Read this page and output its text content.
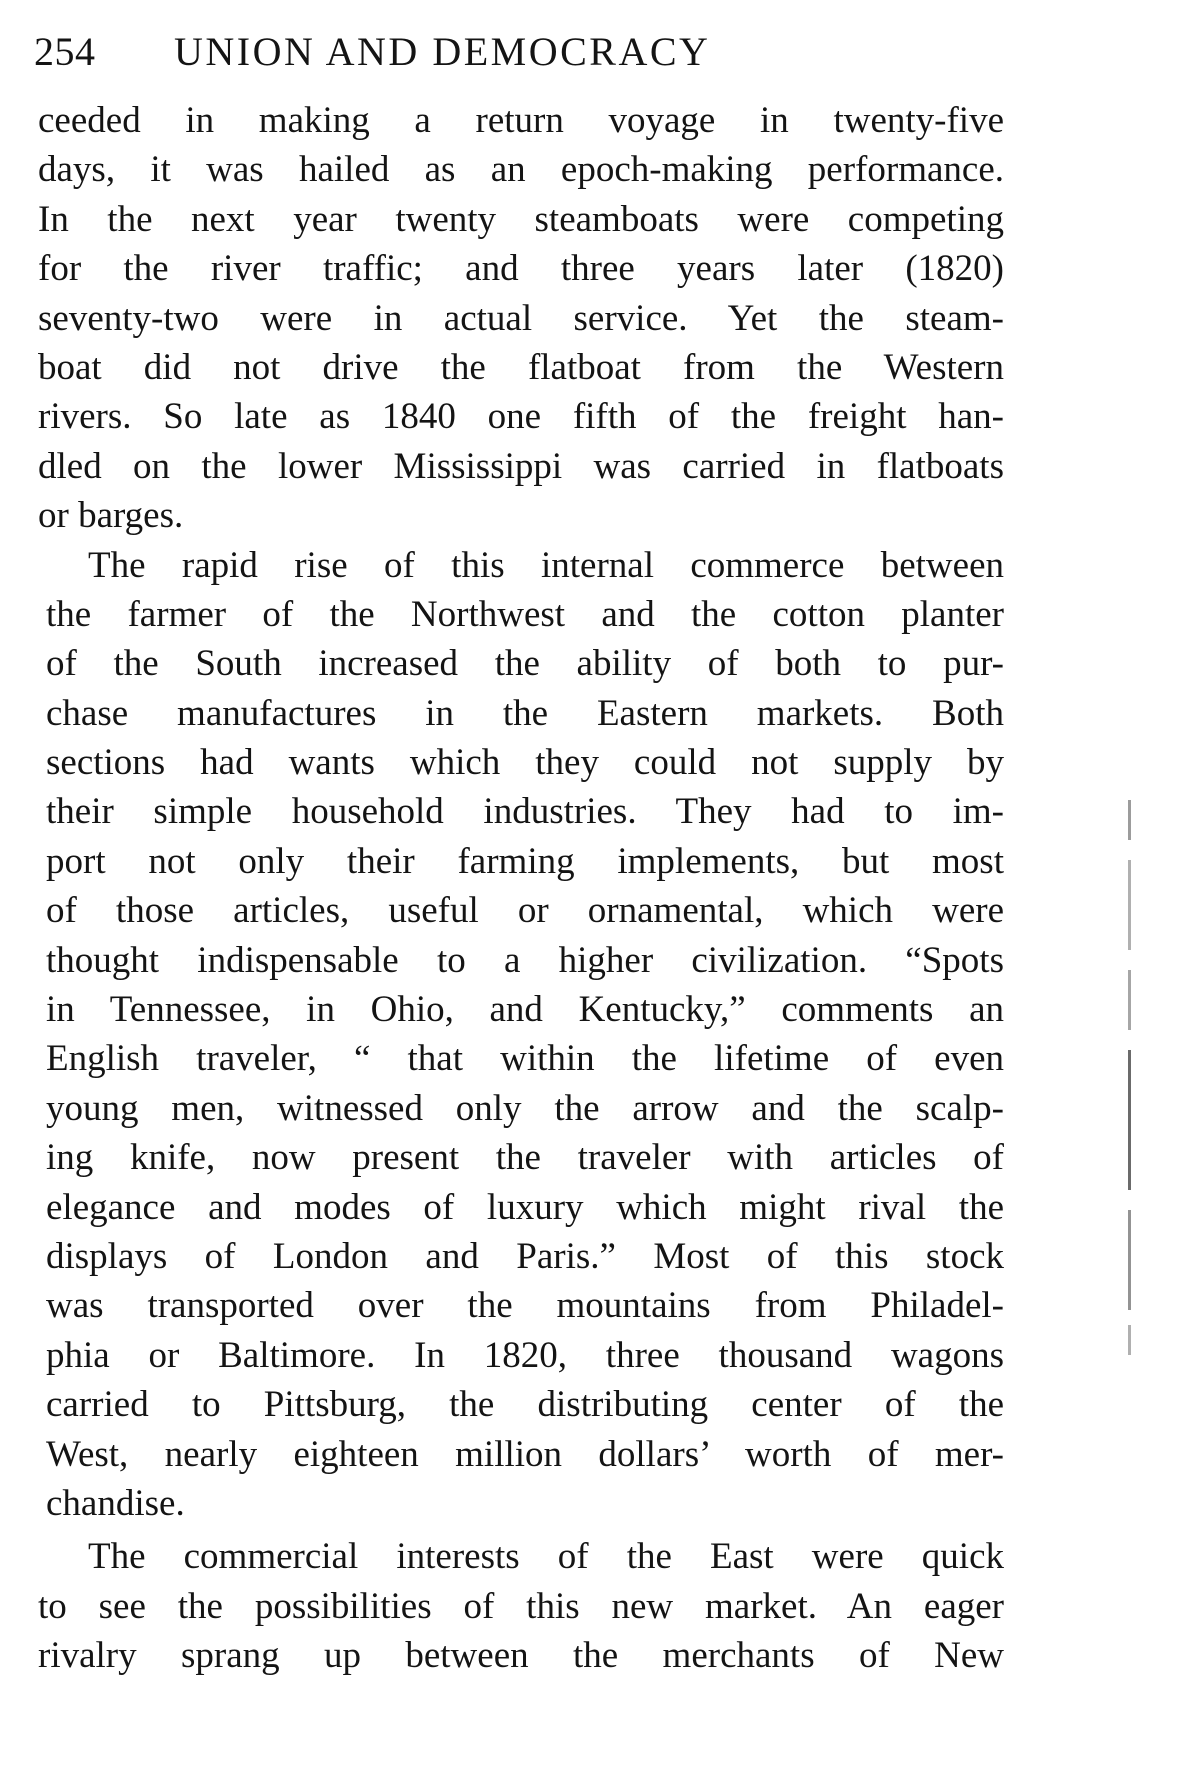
254 UNION AND DEMOCRACY
ceeded in making a return voyage in twenty-five
days, it was hailed as an epoch-making performance.
In the next year twenty steamboats were competing
for the river traffic; and three years later (1820)
seventy-two were in actual service. Yet the steam-
boat did not drive the flatboat from the Western
rivers. So late as 1840 one fifth of the freight han-
dled on the lower Mississippi was carried in flatboats
or barges.
The rapid rise of this internal commerce between
the farmer of the Northwest and the cotton planter
of the South increased the ability of both to pur-
chase manufactures in the Eastern markets. Both
sections had wants which they could not supply by
their simple household industries. They had to im-
port not only their farming implements, but most
of those articles, useful or ornamental, which were
thought indispensable to a higher civilization. “Spots
in Tennessee, in Ohio, and Kentucky,” comments an
English traveler, “ that within the lifetime of even
young men, witnessed only the arrow and the scalp-
ing knife, now present the traveler with articles of
elegance and modes of luxury which might rival the
displays of London and Paris.” Most of this stock
was transported over the mountains from Philadel-
phia or Baltimore. In 1820, three thousand wagons
carried to Pittsburg, the distributing center of the
West, nearly eighteen million dollars’ worth of mer-
chandise.
The commercial interests of the East were quick
to see the possibilities of this new market. An eager
rivalry sprang up between the merchants of New
